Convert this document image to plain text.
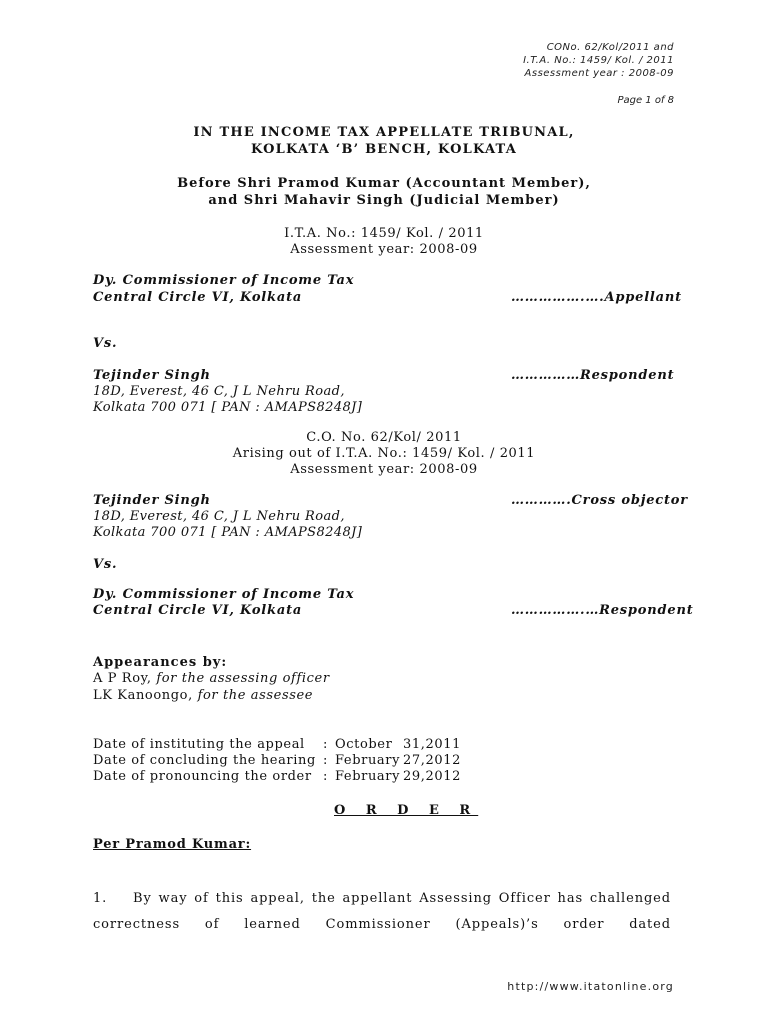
CONo. 62/Kol/2011 and
I.T.A. No.: 1459/ Kol. / 2011
Assessment year : 2008-09
Page 1 of 8
IN THE INCOME TAX APPELLATE TRIBUNAL,
KOLKATA ‘B’ BENCH, KOLKATA
Before Shri Pramod Kumar (Accountant Member),
and Shri Mahavir Singh (Judicial Member)
I.T.A. No.: 1459/ Kol. / 2011
Assessment year: 2008-09
Dy. Commissioner of Income Tax
Central Circle VI, Kolkata	…………….….Appellant
Vs.
Tejinder Singh	……………Respondent
18D, Everest, 46 C, J L Nehru Road,
Kolkata 700 071 [ PAN : AMAPS8248J]
C.O. No. 62/Kol/ 2011
Arising out of I.T.A. No.: 1459/ Kol. / 2011
Assessment year: 2008-09
Tejinder Singh	………….Cross objector
18D, Everest, 46 C, J L Nehru Road,
Kolkata 700 071 [ PAN : AMAPS8248J]
Vs.
Dy. Commissioner of Income Tax
Central Circle VI, Kolkata	…………….…Respondent
Appearances by:
A P Roy, for the assessing officer
LK Kanoongo, for the assessee
Date of instituting the appeal :October 31,2011
Date of concluding the hearing :February 27,2012
Date of pronouncing the order :February 29,2012
O R D E R
Per Pramod Kumar:
1. By way of this appeal, the appellant Assessing Officer has challenged correctness of learned Commissioner (Appeals)’s order dated
http://www.itatonline.org
